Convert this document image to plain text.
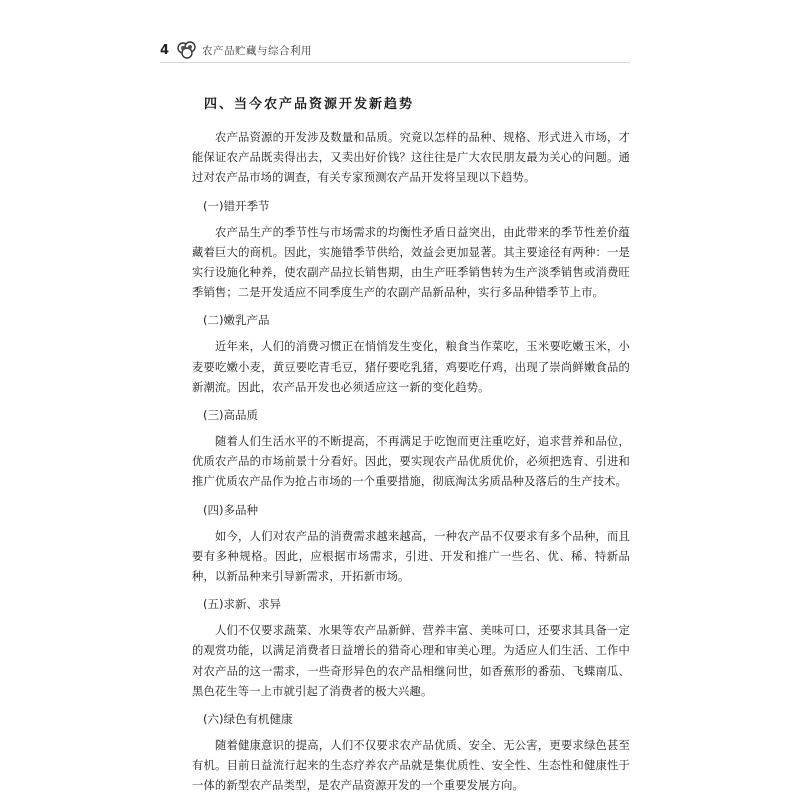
4	农产品贮藏与综合利用
四、当今农产品资源开发新趋势

农产品资源的开发涉及数量和品质。究竟以怎样的品种、规格、形式进入市场，才能保证农产品既卖得出去，又卖出好价钱？这往往是广大农民朋友最为关心的问题。通过对农产品市场的调查，有关专家预测农产品开发将呈现以下趋势。

(一)错开季节

农产品生产的季节性与市场需求的均衡性矛盾日益突出，由此带来的季节性差价蕴藏着巨大的商机。因此，实施错季节供给，效益会更加显著。其主要途径有两种：一是实行设施化种养，使农副产品拉长销售期，由生产旺季销售转为生产淡季销售或消费旺季销售；二是开发适应不同季度生产的农副产品新品种，实行多品种错季节上市。

(二)嫩乳产品

近年来，人们的消费习惯正在悄悄发生变化，粮食当作菜吃，玉米要吃嫩玉米，小麦要吃嫩小麦，黄豆要吃青毛豆，猪仔要吃乳猪，鸡要吃仔鸡，出现了崇尚鲜嫩食品的新潮流。因此，农产品开发也必须适应这一新的变化趋势。

(三)高品质

随着人们生活水平的不断提高，不再满足于吃饱而更注重吃好，追求营养和品位，优质农产品的市场前景十分看好。因此，要实现农产品优质优价，必须把选育、引进和推广优质农产品作为抢占市场的一个重要措施，彻底淘汰劣质品种及落后的生产技术。

(四)多品种

如今，人们对农产品的消费需求越来越高，一种农产品不仅要求有多个品种，而且要有多种规格。因此，应根据市场需求，引进、开发和推广一些名、优、稀、特新品种，以新品种来引导新需求，开拓新市场。

(五)求新、求异

人们不仅要求蔬菜、水果等农产品新鲜、营养丰富、美味可口，还要求其具备一定的观赏功能，以满足消费者日益增长的猎奇心理和审美心理。为适应人们生活、工作中对农产品的这一需求，一些奇形异色的农产品相继问世，如香蕉形的番茄、飞蝶南瓜、黑色花生等一上市就引起了消费者的极大兴趣。

(六)绿色有机健康

随着健康意识的提高，人们不仅要求农产品优质、安全、无公害，更要求绿色甚至有机。目前日益流行起来的生态疗养农产品就是集优质性、安全性、生态性和健康性于一体的新型农产品类型，是农产品资源开发的一个重要发展方向。
